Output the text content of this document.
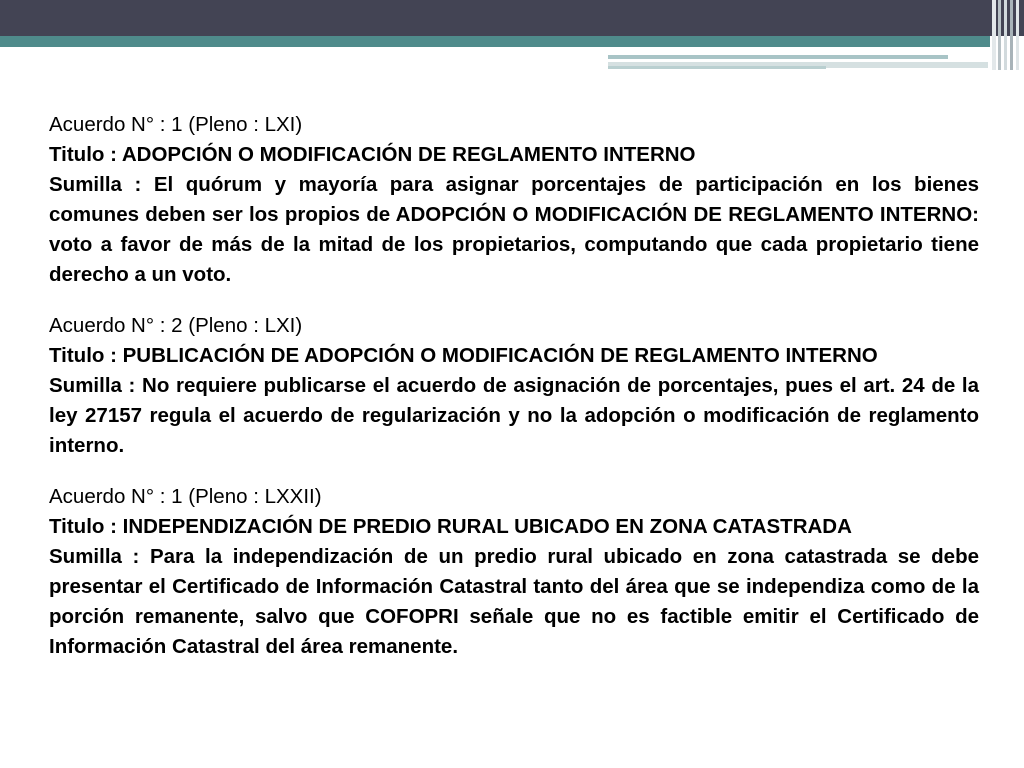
Acuerdo N° : 1 (Pleno : LXI)

Titulo : ADOPCIÓN O MODIFICACIÓN DE REGLAMENTO INTERNO

Sumilla : El quórum y mayoría para asignar porcentajes de participación en los bienes comunes deben ser los propios de ADOPCIÓN O MODIFICACIÓN DE REGLAMENTO INTERNO: voto a favor de más de la mitad de los propietarios, computando que cada propietario tiene derecho a un voto.

Acuerdo N° : 2 (Pleno : LXI)

Titulo : PUBLICACIÓN DE ADOPCIÓN O MODIFICACIÓN DE REGLAMENTO INTERNO

Sumilla : No requiere publicarse el acuerdo de asignación de porcentajes, pues el art. 24 de la ley 27157 regula el acuerdo de regularización y no la adopción o modificación de reglamento interno.

Acuerdo N° : 1 (Pleno : LXXII)

Titulo : INDEPENDIZACIÓN DE PREDIO RURAL UBICADO EN ZONA CATASTRADA

Sumilla : Para la independización de un predio rural ubicado en zona catastrada se debe presentar el Certificado de Información Catastral tanto del área que se independiza como de la porción remanente, salvo que COFOPRI señale que no es factible emitir el Certificado de Información Catastral del área remanente.
